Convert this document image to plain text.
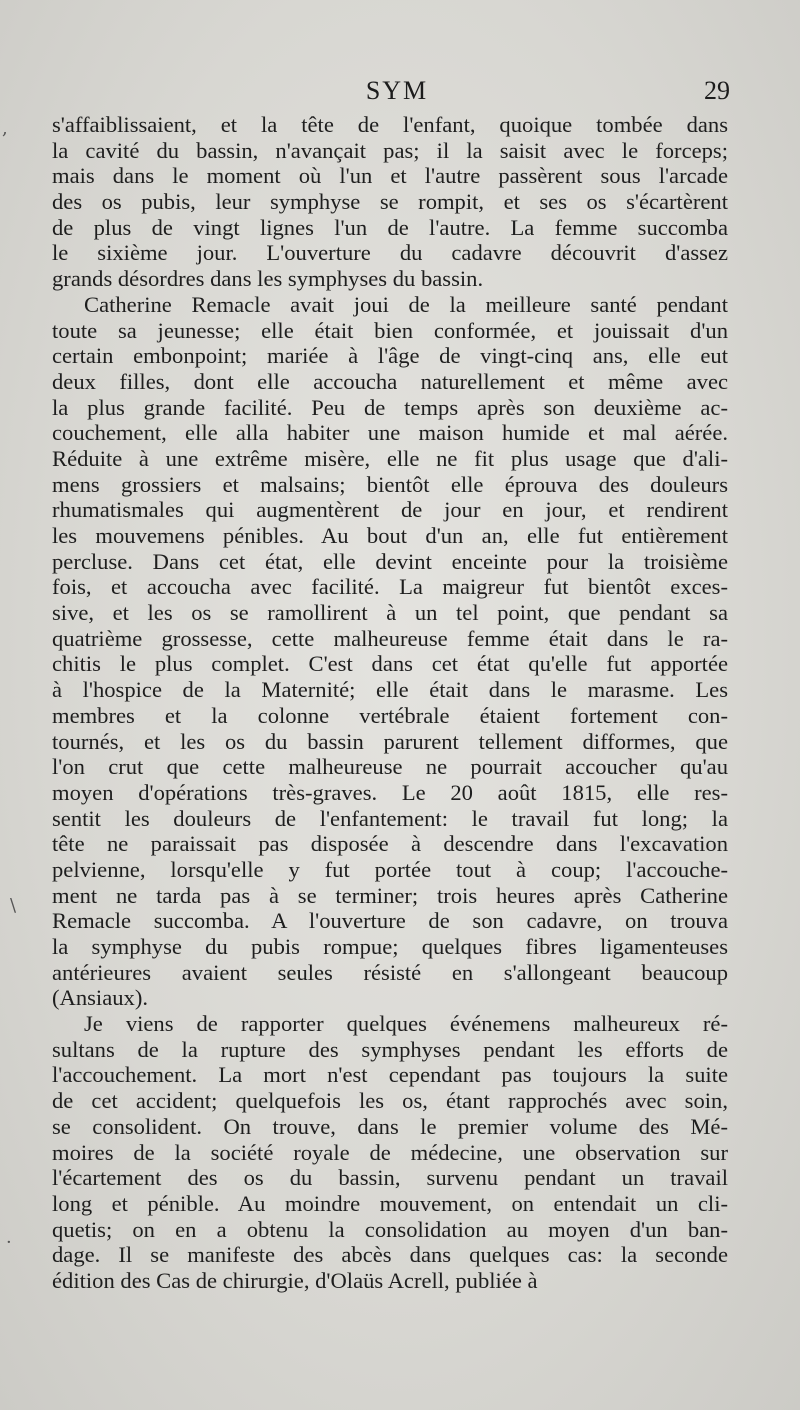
SYM	29
s'affaiblissaient, et la tête de l'enfant, quoique tombée dans
la cavité du bassin, n'avançait pas; il la saisit avec le forceps;
mais dans le moment où l'un et l'autre passèrent sous l'arcade
des os pubis, leur symphyse se rompit, et ses os s'écartèrent
de plus de vingt lignes l'un de l'autre. La femme succomba
le sixième jour. L'ouverture du cadavre découvrit d'assez
grands désordres dans les symphyses du bassin.
Catherine Remacle avait joui de la meilleure santé pendant
toute sa jeunesse; elle était bien conformée, et jouissait d'un
certain embonpoint; mariée à l'âge de vingt-cinq ans, elle eut
deux filles, dont elle accoucha naturellement et même avec
la plus grande facilité. Peu de temps après son deuxième ac-
couchement, elle alla habiter une maison humide et mal aérée.
Réduite à une extrême misère, elle ne fit plus usage que d'ali-
mens grossiers et malsains; bientôt elle éprouva des douleurs
rhumatismales qui augmentèrent de jour en jour, et rendirent
les mouvemens pénibles. Au bout d'un an, elle fut entièrement
percluse. Dans cet état, elle devint enceinte pour la troisième
fois, et accoucha avec facilité. La maigreur fut bientôt exces-
sive, et les os se ramollirent à un tel point, que pendant sa
quatrième grossesse, cette malheureuse femme était dans le ra-
chitis le plus complet. C'est dans cet état qu'elle fut apportée
à l'hospice de la Maternité; elle était dans le marasme. Les
membres et la colonne vertébrale étaient fortement con-
tournés, et les os du bassin parurent tellement difformes, que
l'on crut que cette malheureuse ne pourrait accoucher qu'au
moyen d'opérations très-graves. Le 20 août 1815, elle res-
sentit les douleurs de l'enfantement: le travail fut long; la
tête ne paraissait pas disposée à descendre dans l'excavation
pelvienne, lorsqu'elle y fut portée tout à coup; l'accouche-
ment ne tarda pas à se terminer; trois heures après Catherine
Remacle succomba. A l'ouverture de son cadavre, on trouva
la symphyse du pubis rompue; quelques fibres ligamenteuses
antérieures avaient seules résisté en s'allongeant beaucoup
(Ansiaux).
Je viens de rapporter quelques événemens malheureux ré-
sultans de la rupture des symphyses pendant les efforts de
l'accouchement. La mort n'est cependant pas toujours la suite
de cet accident; quelquefois les os, étant rapprochés avec soin,
se consolident. On trouve, dans le premier volume des Mé-
moires de la société royale de médecine, une observation sur
l'écartement des os du bassin, survenu pendant un travail
long et pénible. Au moindre mouvement, on entendait un cli-
quetis; on en a obtenu la consolidation au moyen d'un ban-
dage. Il se manifeste des abcès dans quelques cas: la seconde
édition des Cas de chirurgie, d'Olaüs Acrell, publiée à
,
\
·
